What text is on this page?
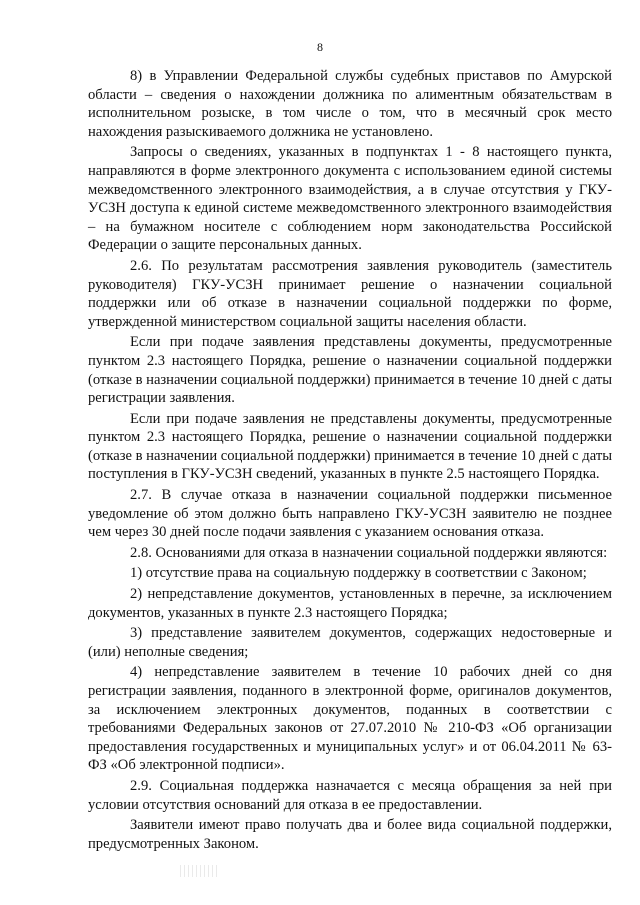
8

8) в Управлении Федеральной службы судебных приставов по Амурской области – сведения о нахождении должника по алиментным обязательствам в исполнительном розыске, в том числе о том, что в месячный срок место нахождения разыскиваемого должника не установлено.

Запросы о сведениях, указанных в подпунктах 1 - 8 настоящего пункта, направляются в форме электронного документа с использованием единой системы межведомственного электронного взаимодействия, а в случае отсутствия у ГКУ-УСЗН доступа к единой системе межведомственного электронного взаимодействия – на бумажном носителе с соблюдением норм законодательства Российской Федерации о защите персональных данных.

2.6. По результатам рассмотрения заявления руководитель (заместитель руководителя) ГКУ-УСЗН принимает решение о назначении социальной поддержки или об отказе в назначении социальной поддержки по форме, утвержденной министерством социальной защиты населения области.

Если при подаче заявления представлены документы, предусмотренные пунктом 2.3 настоящего Порядка, решение о назначении социальной поддержки (отказе в назначении социальной поддержки) принимается в течение 10 дней с даты регистрации заявления.

Если при подаче заявления не представлены документы, предусмотренные пунктом 2.3 настоящего Порядка, решение о назначении социальной поддержки (отказе в назначении социальной поддержки) принимается в течение 10 дней с даты поступления в ГКУ-УСЗН сведений, указанных в пункте 2.5 настоящего Порядка.

2.7. В случае отказа в назначении социальной поддержки письменное уведомление об этом должно быть направлено ГКУ-УСЗН заявителю не позднее чем через 30 дней после подачи заявления с указанием основания отказа.

2.8. Основаниями для отказа в назначении социальной поддержки являются:

1) отсутствие права на социальную поддержку в соответствии с Законом;

2) непредставление документов, установленных в перечне, за исключением документов, указанных в пункте 2.3 настоящего Порядка;

3) представление заявителем документов, содержащих недостоверные и (или) неполные сведения;

4) непредставление заявителем в течение 10 рабочих дней со дня регистрации заявления, поданного в электронной форме, оригиналов документов, за исключением электронных документов, поданных в соответствии с требованиями Федеральных законов от 27.07.2010 № 210-ФЗ «Об организации предоставления государственных и муниципальных услуг» и от 06.04.2011 № 63-ФЗ «Об электронной подписи».

2.9. Социальная поддержка назначается с месяца обращения за ней при условии отсутствия оснований для отказа в ее предоставлении.

Заявители имеют право получать два и более вида социальной поддержки, предусмотренных Законом.
